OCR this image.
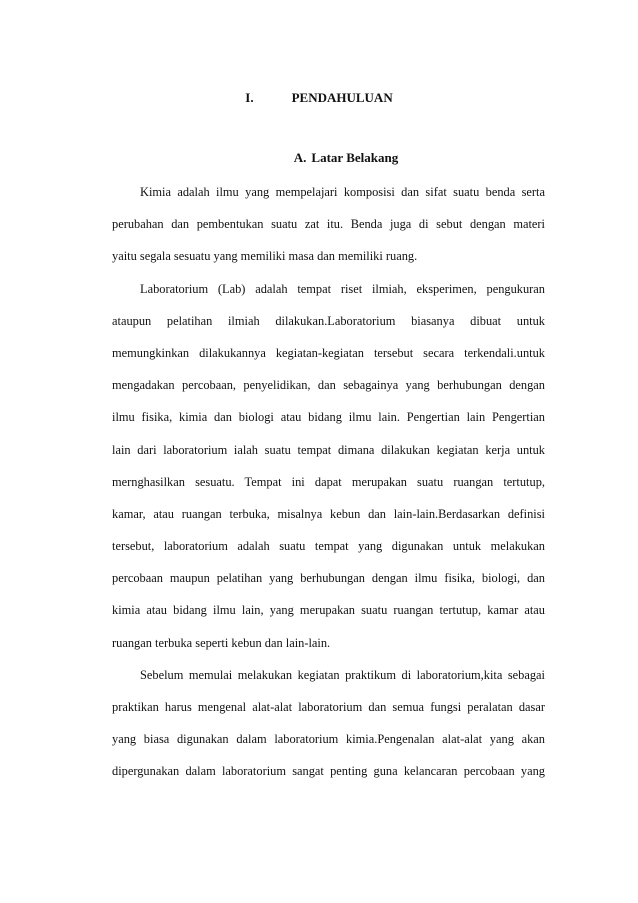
I.	PENDAHULUAN
A. Latar Belakang
Kimia adalah ilmu yang mempelajari komposisi dan sifat suatu benda serta
perubahan dan pembentukan suatu zat itu. Benda juga di sebut dengan materi
yaitu segala sesuatu yang memiliki masa dan memiliki ruang.
Laboratorium (Lab) adalah tempat riset ilmiah, eksperimen, pengukuran
ataupun pelatihan ilmiah dilakukan.Laboratorium biasanya dibuat untuk
memungkinkan dilakukannya kegiatan-kegiatan tersebut secara terkendali.untuk
mengadakan percobaan, penyelidikan, dan sebagainya yang berhubungan dengan
ilmu fisika, kimia dan biologi atau bidang ilmu lain. Pengertian lain Pengertian
lain dari laboratorium ialah suatu tempat dimana dilakukan kegiatan kerja untuk
mernghasilkan sesuatu. Tempat ini dapat merupakan suatu ruangan tertutup,
kamar, atau ruangan terbuka, misalnya kebun dan lain-lain.Berdasarkan definisi
tersebut, laboratorium adalah suatu tempat yang digunakan untuk melakukan
percobaan maupun pelatihan yang berhubungan dengan ilmu fisika, biologi, dan
kimia atau bidang ilmu lain, yang merupakan suatu ruangan tertutup, kamar atau
ruangan terbuka seperti kebun dan lain-lain.
Sebelum memulai melakukan kegiatan praktikum di laboratorium,kita sebagai
praktikan harus mengenal alat-alat laboratorium dan semua fungsi peralatan dasar
yang biasa digunakan dalam laboratorium kimia.Pengenalan alat-alat yang akan
dipergunakan dalam laboratorium sangat penting guna kelancaran percobaan yang
